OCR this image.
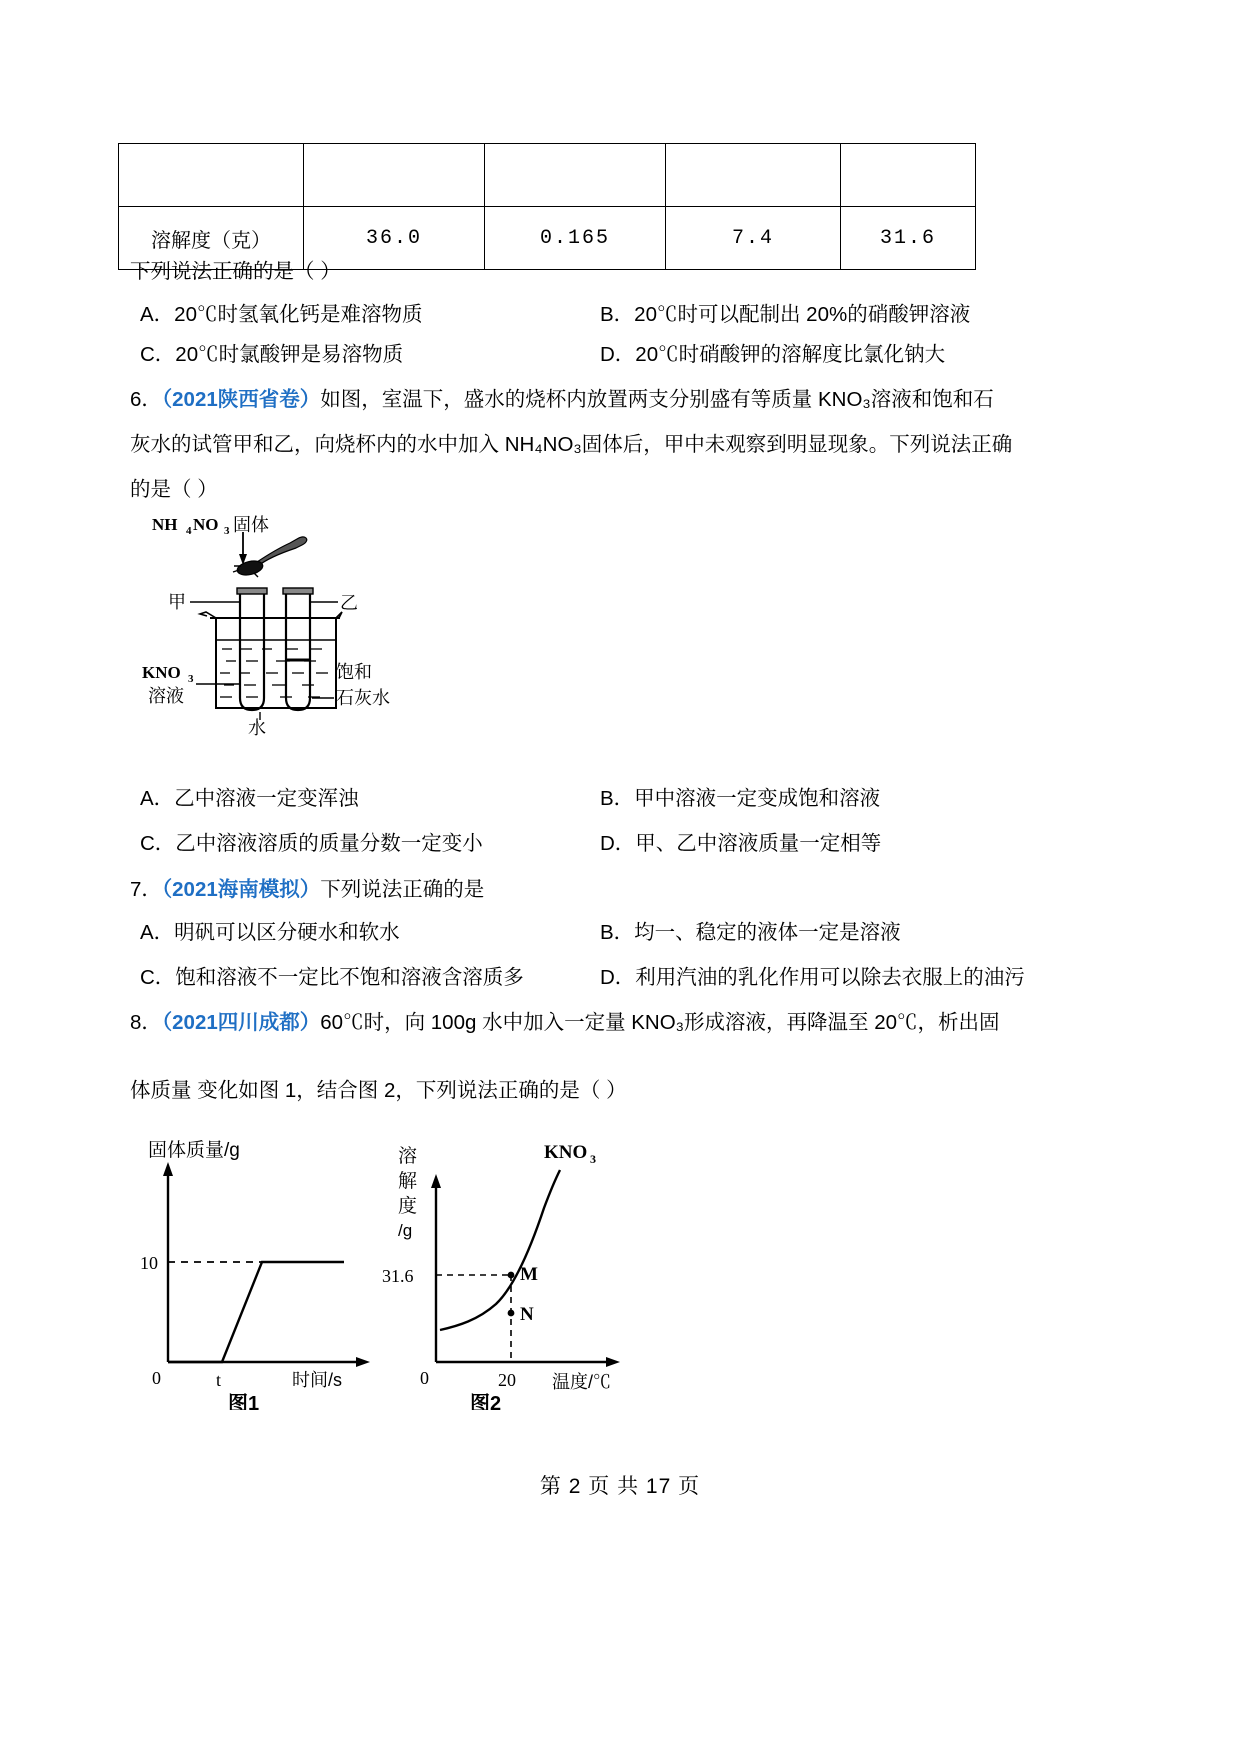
溶解度（克）	36.0	0.165	7.4	31.6
下列说法正确的是（ ）
A．20℃时氢氧化钙是难溶物质	B．20℃时可以配制出 20%的硝酸钾溶液
C．20℃时氯酸钾是易溶物质	D．20℃时硝酸钾的溶解度比氯化钠大
6．（2021陕西省卷）如图，室温下，盛水的烧杯内放置两支分别盛有等质量 KNO₃溶液和饱和石
灰水的试管甲和乙，向烧杯内的水中加入 NH₄NO₃固体后，甲中未观察到明显现象。下列说法正确
的是（ ）
NH 4 NO 3 固体
甲	乙
KNO 3
溶液
饱和
石灰水
水
A．乙中溶液一定变浑浊	B．甲中溶液一定变成饱和溶液
C．乙中溶液溶质的质量分数一定变小	D．甲、乙中溶液质量一定相等
7．（2021海南模拟）下列说法正确的是
A．明矾可以区分硬水和软水	B．均一、稳定的液体一定是溶液
C．饱和溶液不一定比不饱和溶液含溶质多	D．利用汽油的乳化作用可以除去衣服上的油污
8．（2021四川成都）60℃时，向 100g 水中加入一定量 KNO₃形成溶液，再降温至 20℃，析出固
体质量 变化如图 1，结合图 2，下列说法正确的是（ ）
固体质量/g
10
0	t	时间/s
图1
溶
解
度
/g
KNO 3
M
N
31.6
0	20 温度/℃
图2
第 2 页 共 17 页
